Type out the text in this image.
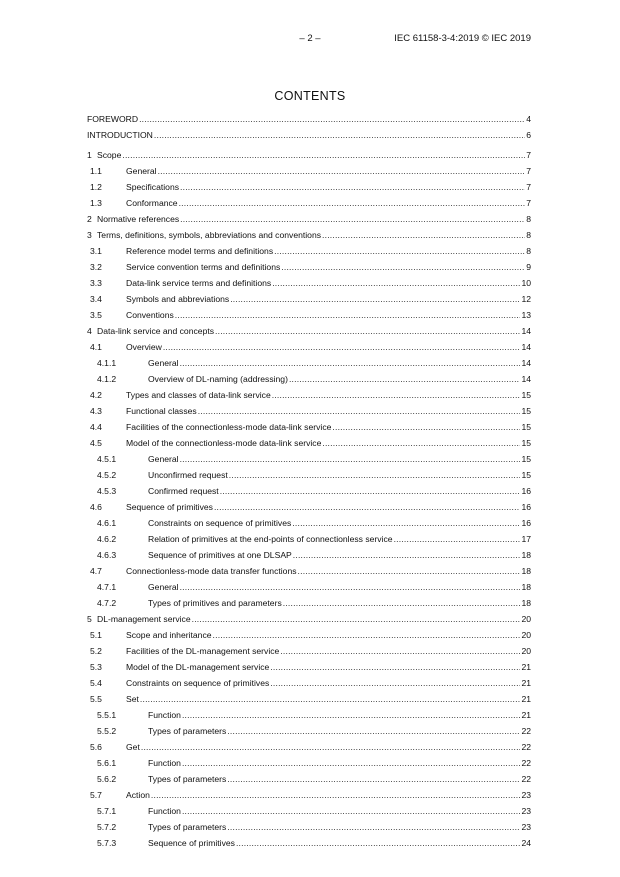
– 2 –	IEC 61158-3-4:2019 © IEC 2019
CONTENTS
FOREWORD .....	4
INTRODUCTION .....	6
1 Scope .....	7
1.1	General .....	7
1.2	Specifications .....	7
1.3	Conformance .....	7
2 Normative references .....	8
3 Terms, definitions, symbols, abbreviations and conventions .....	8
3.1	Reference model terms and definitions .....	8
3.2	Service convention terms and definitions .....	9
3.3	Data-link service terms and definitions .....	10
3.4	Symbols and abbreviations .....	12
3.5	Conventions .....	13
4 Data-link service and concepts .....	14
4.1	Overview .....	14
4.1.1	General .....	14
4.1.2	Overview of DL-naming (addressing) .....	14
4.2	Types and classes of data-link service .....	15
4.3	Functional classes .....	15
4.4	Facilities of the connectionless-mode data-link service .....	15
4.5	Model of the connectionless-mode data-link service .....	15
4.5.1	General .....	15
4.5.2	Unconfirmed request .....	15
4.5.3	Confirmed request .....	16
4.6	Sequence of primitives .....	16
4.6.1	Constraints on sequence of primitives .....	16
4.6.2	Relation of primitives at the end-points of connectionless service .....	17
4.6.3	Sequence of primitives at one DLSAP .....	18
4.7	Connectionless-mode data transfer functions .....	18
4.7.1	General .....	18
4.7.2	Types of primitives and parameters .....	18
5 DL-management service .....	20
5.1	Scope and inheritance .....	20
5.2	Facilities of the DL-management service .....	20
5.3	Model of the DL-management service .....	21
5.4	Constraints on sequence of primitives .....	21
5.5	Set .....	21
5.5.1	Function .....	21
5.5.2	Types of parameters .....	22
5.6	Get .....	22
5.6.1	Function .....	22
5.6.2	Types of parameters .....	22
5.7	Action .....	23
5.7.1	Function .....	23
5.7.2	Types of parameters .....	23
5.7.3	Sequence of primitives .....	24
